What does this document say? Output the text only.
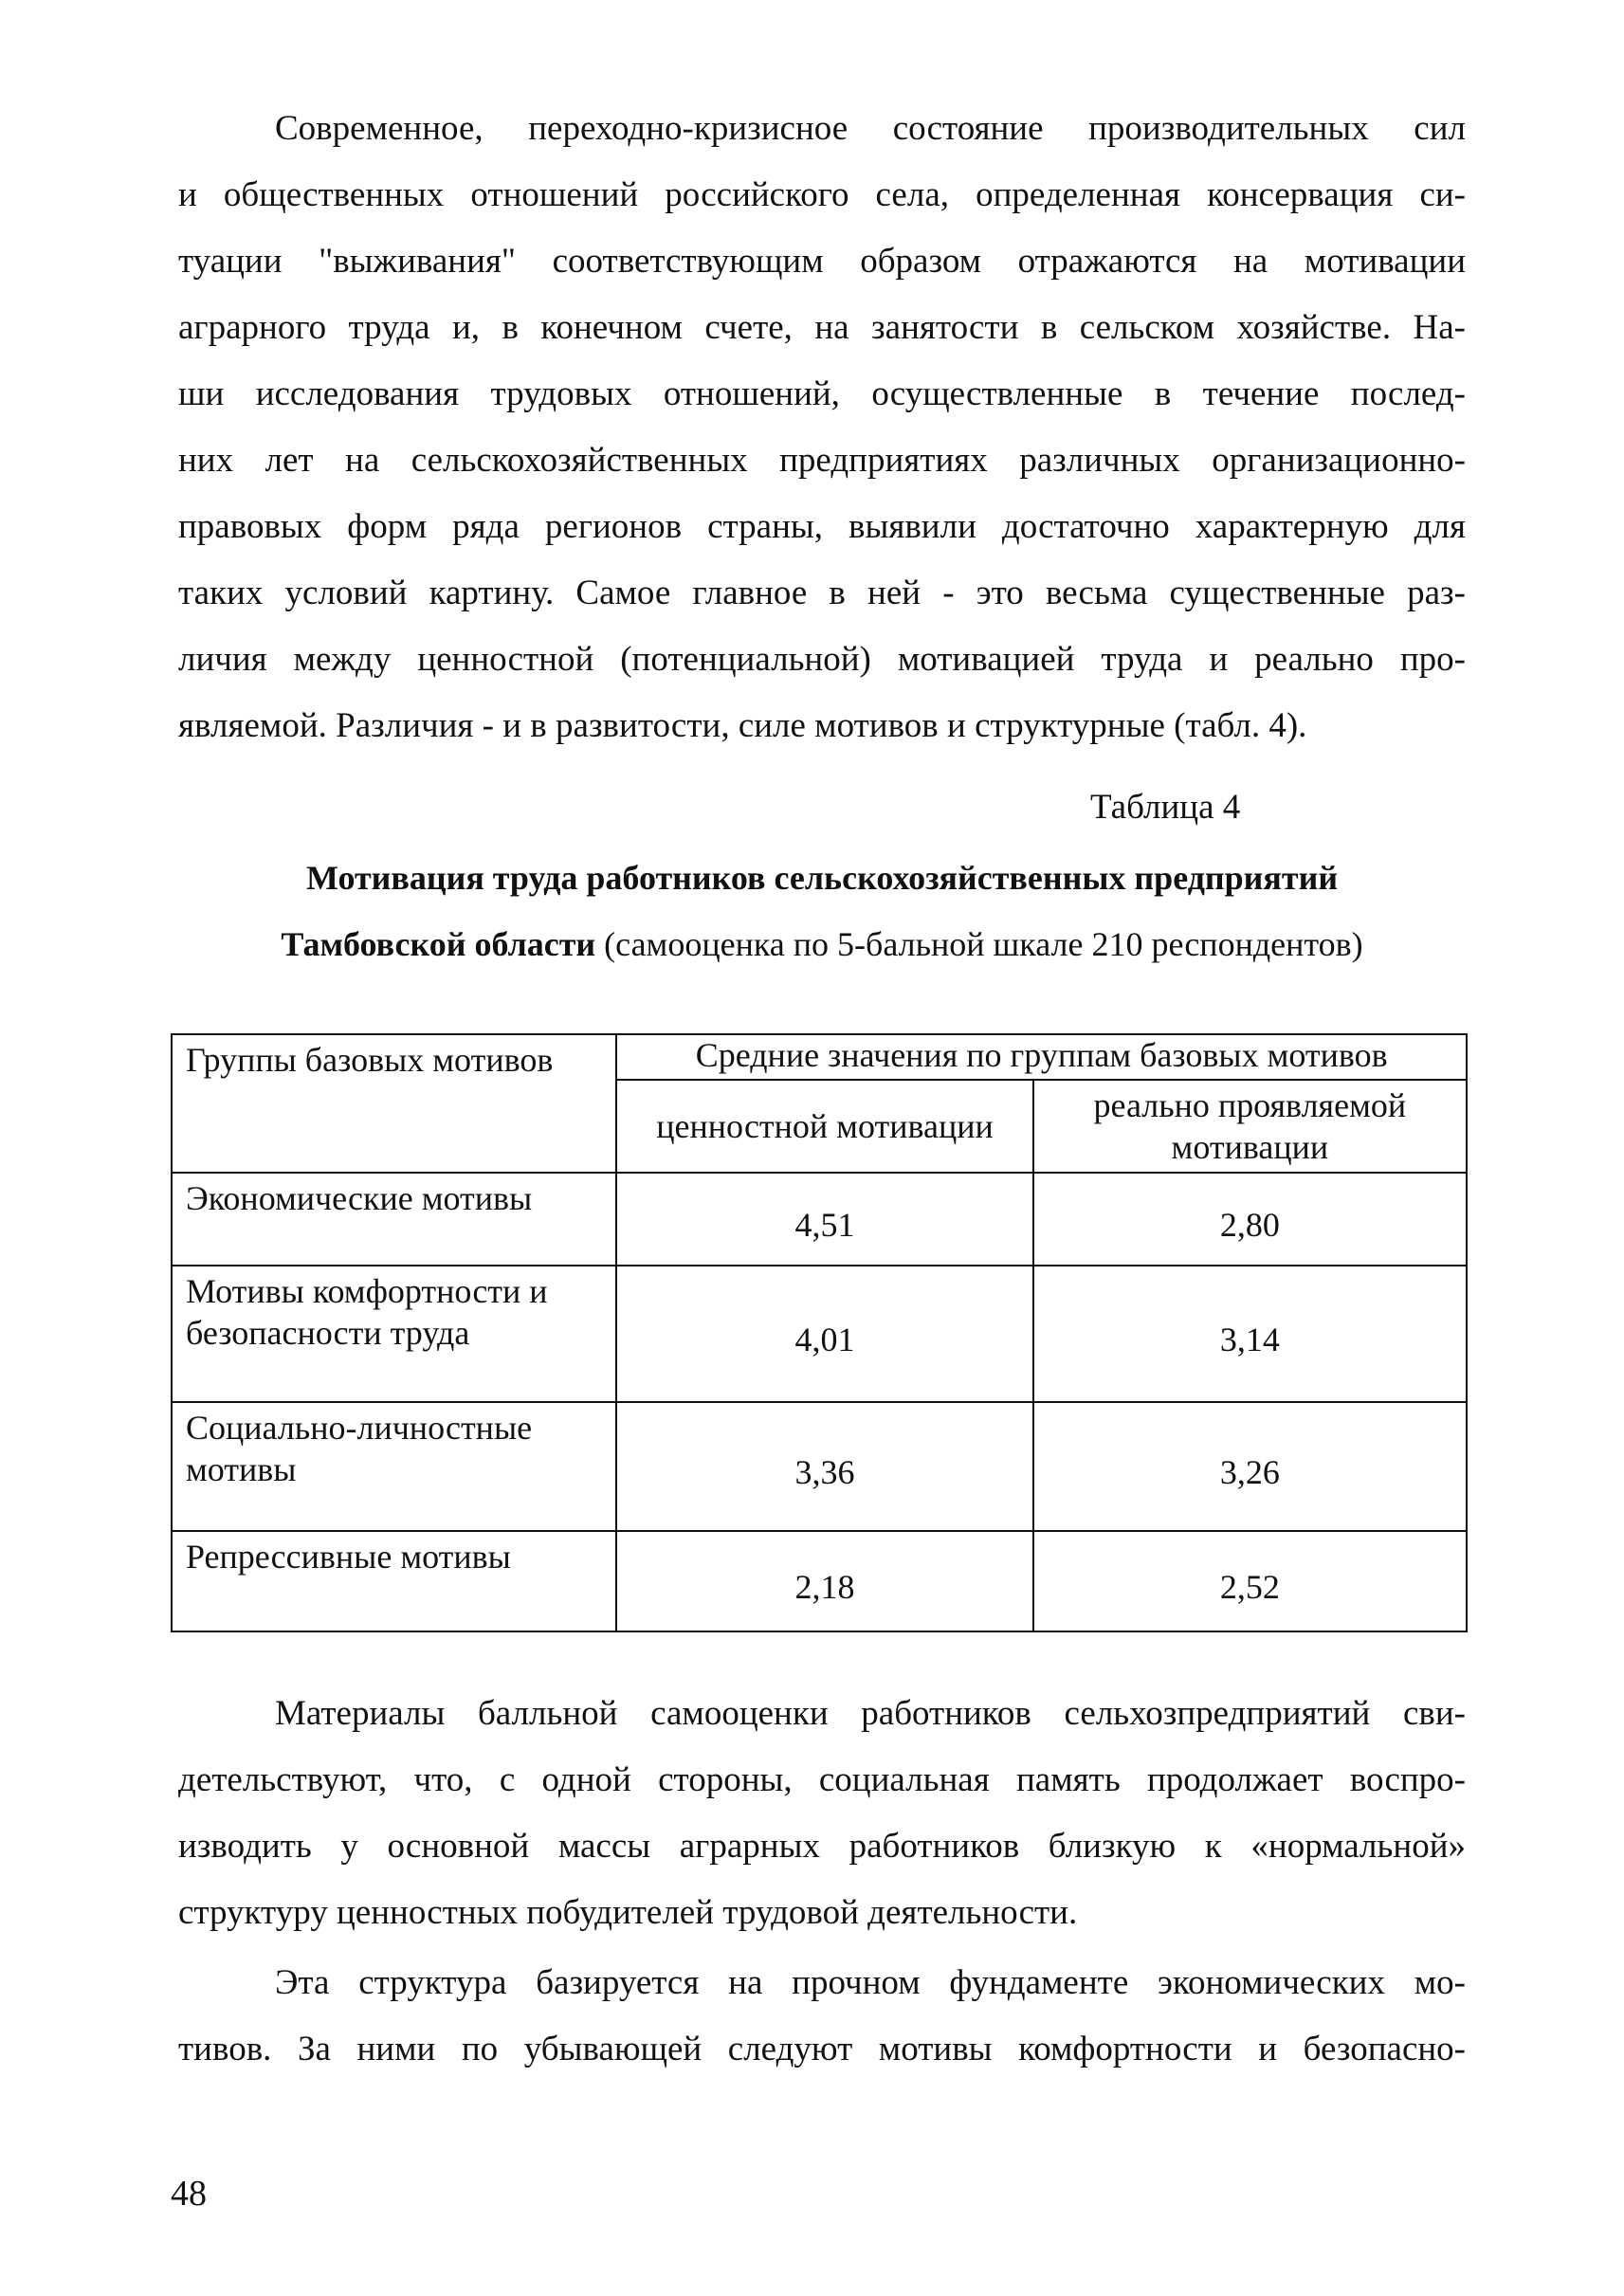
Современное, переходно-кризисное состояние производительных сил

и общественных отношений российского села, определенная консервация си-

туации "выживания" соответствующим образом отражаются на мотивации

аграрного труда и, в конечном счете, на занятости в сельском хозяйстве. На-

ши исследования трудовых отношений, осуществленные в течение послед-

них лет на сельскохозяйственных предприятиях различных организационно-

правовых форм ряда регионов страны, выявили достаточно характерную для

таких условий картину. Самое главное в ней - это весьма существенные раз-

личия между ценностной (потенциальной) мотивацией труда и реально про-

являемой. Различия - и в развитости, силе мотивов и структурные (табл. 4).

Таблица 4
Мотивация труда работников сельскохозяйственных предприятий
Тамбовской области (самооценка по 5-бальной шкале 210 респондентов)
Группы базовых мотивов	Средние значения по группам базовых мотивов	
	ценностной мотивации	реально проявляемой мотивации
Экономические мотивы	4,51	2,80
Мотивы комфортности и безопасности труда	4,01	3,14
Социально-личностные мотивы	3,36	3,26
Репрессивные мотивы	2,18	2,52

Материалы балльной самооценки работников сельхозпредприятий сви-

детельствуют, что, с одной стороны, социальная память продолжает воспро-

изводить у основной массы аграрных работников близкую к «нормальной»

структуру ценностных побудителей трудовой деятельности.

Эта структура базируется на прочном фундаменте экономических мо-

тивов. За ними по убывающей следуют мотивы комфортности и безопасно-

48
